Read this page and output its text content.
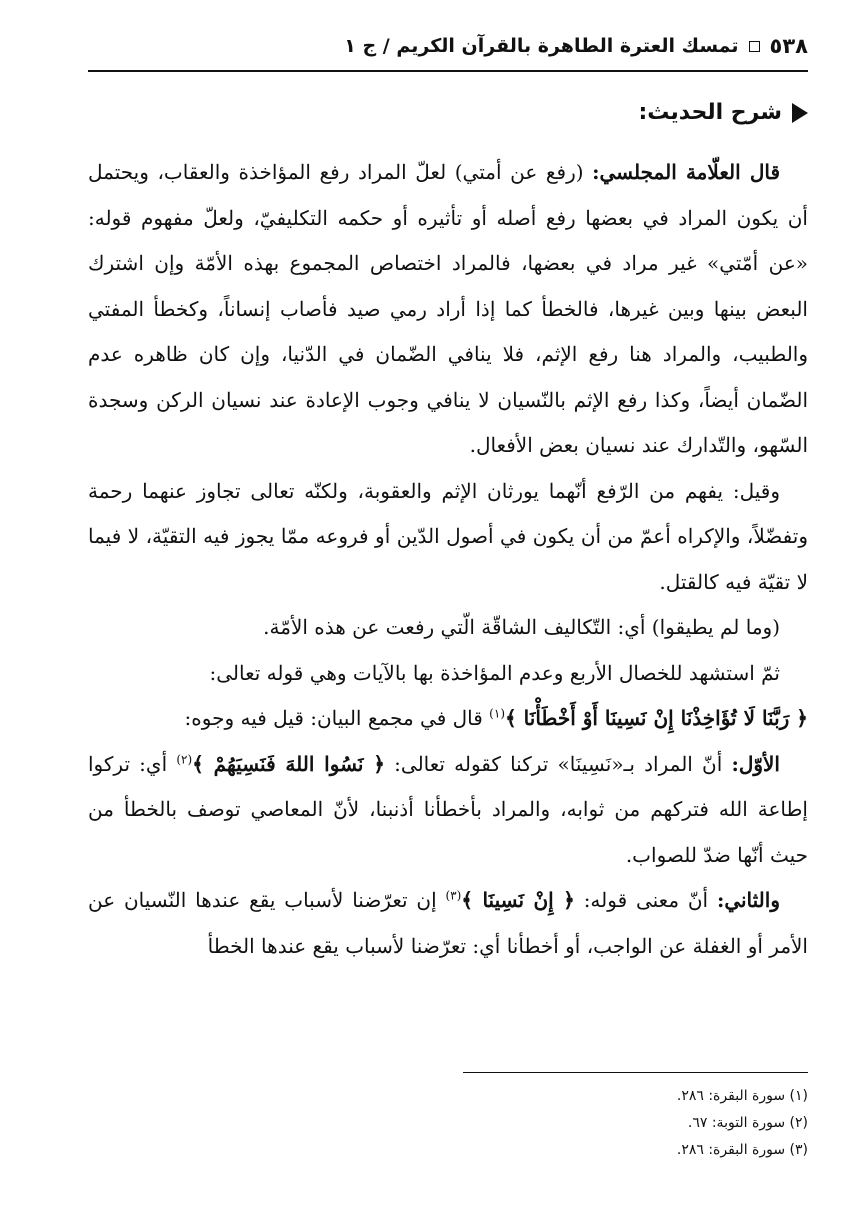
٥٣٨
تمسك العترة الطاهرة بالقرآن الكريم / ج ١
شرح الحديث:

قال العلّامة المجلسي: (رفع عن أمتي) لعلّ المراد رفع المؤاخذة والعقاب، ويحتمل أن يكون المراد في بعضها رفع أصله أو تأثيره أو حكمه التكليفيّ، ولعلّ مفهوم قوله: «عن أمّتي» غير مراد في بعضها، فالمراد اختصاص المجموع بهذه الأمّة وإن اشترك البعض بينها وبين غيرها، فالخطأ كما إذا أراد رمي صيد فأصاب إنساناً، وكخطأ المفتي والطبيب، والمراد هنا رفع الإثم، فلا ينافي الضّمان في الدّنيا، وإن كان ظاهره عدم الضّمان أيضاً، وكذا رفع الإثم بالنّسيان لا ينافي وجوب الإعادة عند نسيان الركن وسجدة السّهو، والتّدارك عند نسيان بعض الأفعال.

وقيل: يفهم من الرّفع أنّهما يورثان الإثم والعقوبة، ولكنّه تعالى تجاوز عنهما رحمة وتفضّلاً، والإكراه أعمّ من أن يكون في أصول الدّين أو فروعه ممّا يجوز فيه التقيّة، لا فيما لا تقيّة فيه كالقتل.

(وما لم يطيقوا) أي: التّكاليف الشاقّة الّتي رفعت عن هذه الأمّة.

ثمّ استشهد للخصال الأربع وعدم المؤاخذة بها بالآيات وهي قوله تعالى:

﴿ رَبَّنَا لَا تُؤَاخِذْنَا إِنْ نَسِينَا أَوْ أَخْطَأْنَا ﴾$^{(١)}$ قال في مجمع البيان: قيل فيه وجوه:

الأوّل: أنّ المراد بـ«نَسِينَا» تركنا كقوله تعالى: ﴿ نَسُوا اللهَ فَنَسِيَهُمْ ﴾$^{(٢)}$ أي: تركوا إطاعة الله فتركهم من ثوابه، والمراد بأخطأنا أذنبنا، لأنّ المعاصي توصف بالخطأ من حيث أنّها ضدّ للصواب.

والثاني: أنّ معنى قوله: ﴿ إِنْ نَسِينَا ﴾$^{(٣)}$ إن تعرّضنا لأسباب يقع عندها النّسيان عن الأمر أو الغفلة عن الواجب، أو أخطأنا أي: تعرّضنا لأسباب يقع عندها الخطأ

(١) سورة البقرة: ٢٨٦.
(٢) سورة التوبة: ٦٧.
(٣) سورة البقرة: ٢٨٦.
